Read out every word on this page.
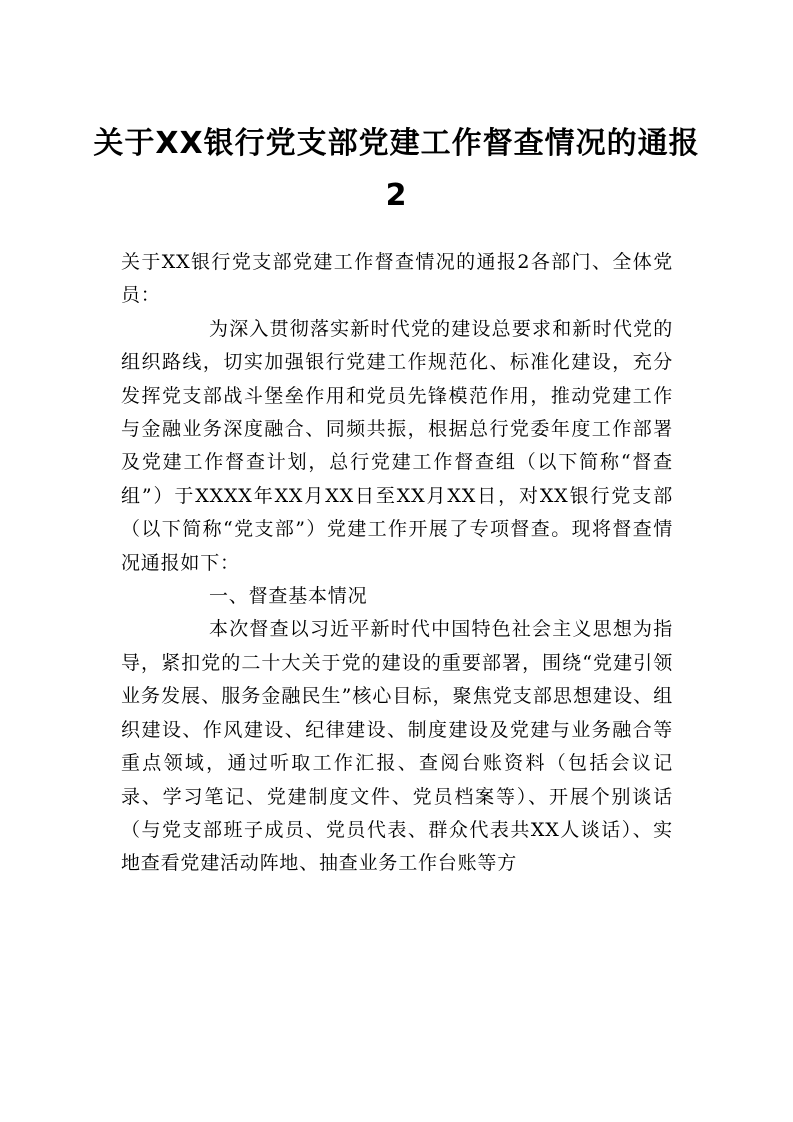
关于XX银行党支部党建工作督查情况的通报2

关于XX银行党支部党建工作督查情况的通报2各部门、全体党员：

为深入贯彻落实新时代党的建设总要求和新时代党的组织路线，切实加强银行党建工作规范化、标准化建设，充分发挥党支部战斗堡垒作用和党员先锋模范作用，推动党建工作与金融业务深度融合、同频共振，根据总行党委年度工作部署及党建工作督查计划，总行党建工作督查组（以下简称“督查组”）于XXXX年XX月XX日至XX月XX日，对XX银行党支部（以下简称“党支部”）党建工作开展了专项督查。现将督查情况通报如下：

一、督查基本情况

本次督查以习近平新时代中国特色社会主义思想为指导，紧扣党的二十大关于党的建设的重要部署，围绕“党建引领业务发展、服务金融民生”核心目标，聚焦党支部思想建设、组织建设、作风建设、纪律建设、制度建设及党建与业务融合等重点领域，通过听取工作汇报、查阅台账资料（包括会议记录、学习笔记、党建制度文件、党员档案等）、开展个别谈话（与党支部班子成员、党员代表、群众代表共XX人谈话）、实地查看党建活动阵地、抽查业务工作台账等方
